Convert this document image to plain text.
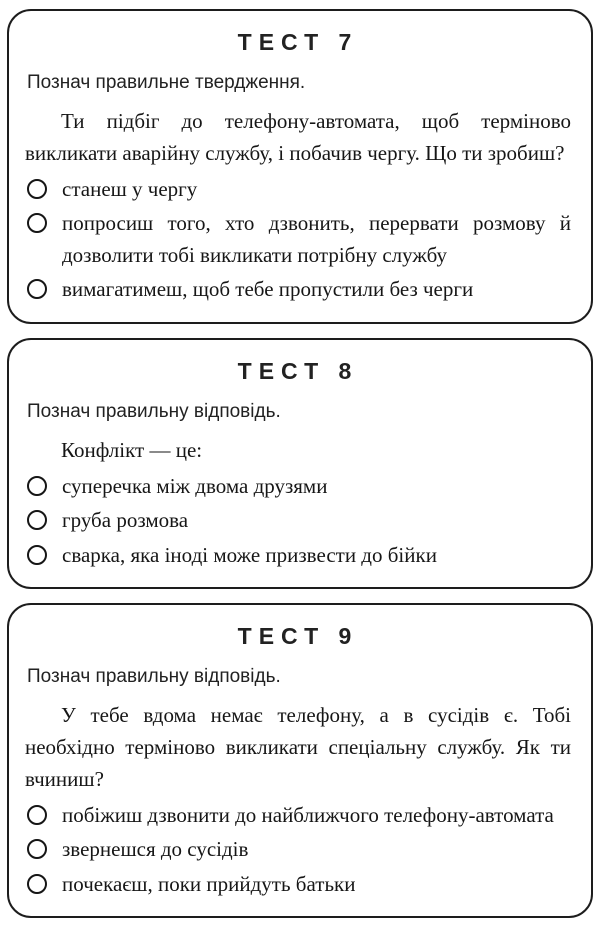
ТЕСТ 7

Познач правильне твердження.

Ти підбіг до телефону-автомата, щоб терміново викликати аварійну службу, і побачив чергу. Що ти зробиш?

станеш у чергу
попросиш того, хто дзвонить, перервати розмову й дозволити тобі викликати потрібну службу
вимагатимеш, щоб тебе пропустили без черги
ТЕСТ 8

Познач правильну відповідь.

Конфлікт — це:

суперечка між двома друзями
груба розмова
сварка, яка іноді може призвести до бійки
ТЕСТ 9

Познач правильну відповідь.

У тебе вдома немає телефону, а в сусідів є. Тобі необхідно терміново викликати спеціальну службу. Як ти вчиниш?

побіжиш дзвонити до найближчого телефону-автомата
звернешся до сусідів
почекаєш, поки прийдуть батьки
